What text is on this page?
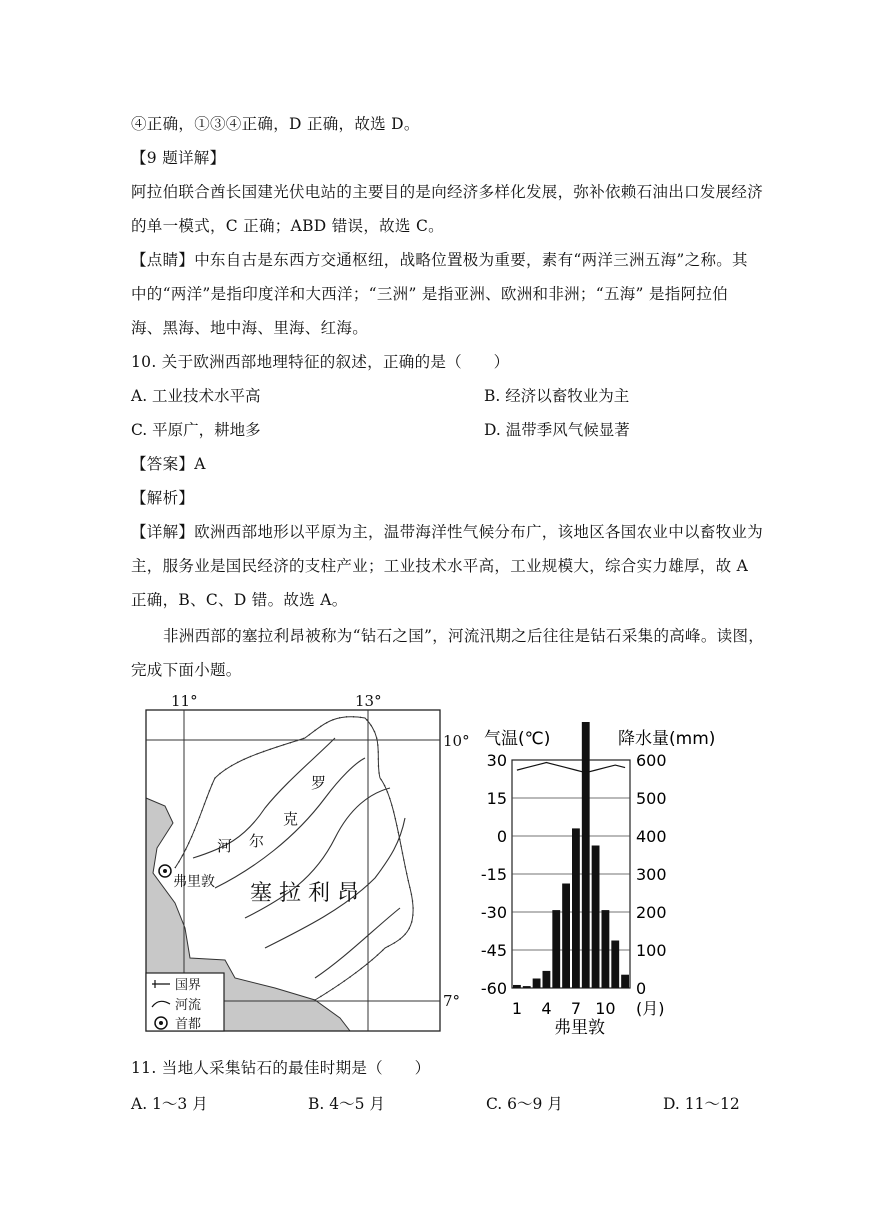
④正确，①③④正确，D 正确，故选 D。
【9 题详解】
阿拉伯联合酋长国建光伏电站的主要目的是向经济多样化发展，弥补依赖石油出口发展经济
的单一模式，C 正确；ABD 错误，故选 C。
【点睛】中东自古是东西方交通枢纽，战略位置极为重要，素有“两洋三洲五海”之称。其
中的“两洋”是指印度洋和大西洋；“三洲” 是指亚洲、欧洲和非洲；“五海” 是指阿拉伯
海、黑海、地中海、里海、红海。
10. 关于欧洲西部地理特征的叙述，正确的是（　　）
A. 工业技术水平高	B. 经济以畜牧业为主
C. 平原广，耕地多	D. 温带季风气候显著
【答案】A
【解析】
【详解】欧洲西部地形以平原为主，温带海洋性气候分布广，该地区各国农业中以畜牧业为
主，服务业是国民经济的支柱产业；工业技术水平高，工业规模大，综合实力雄厚，故 A
正确，B、C、D 错。故选 A。
非洲西部的塞拉利昂被称为“钻石之国”，河流汛期之后往往是钻石采集的高峰。读图，
完成下面小题。
11°	13°
10°
7°
罗
克
尔
河
塞 拉 利 昂
弗里敦
国界
河流
首都
气温(℃)	降水量(mm)
30
15
0
-15
-30
-45
-60
600
500
400
300
200
100
0
1 4 7 10 (月)
弗里敦
11. 当地人采集钻石的最佳时期是（　　）
A. 1～3 月	B. 4～5 月	C. 6～9 月	D. 11～12
